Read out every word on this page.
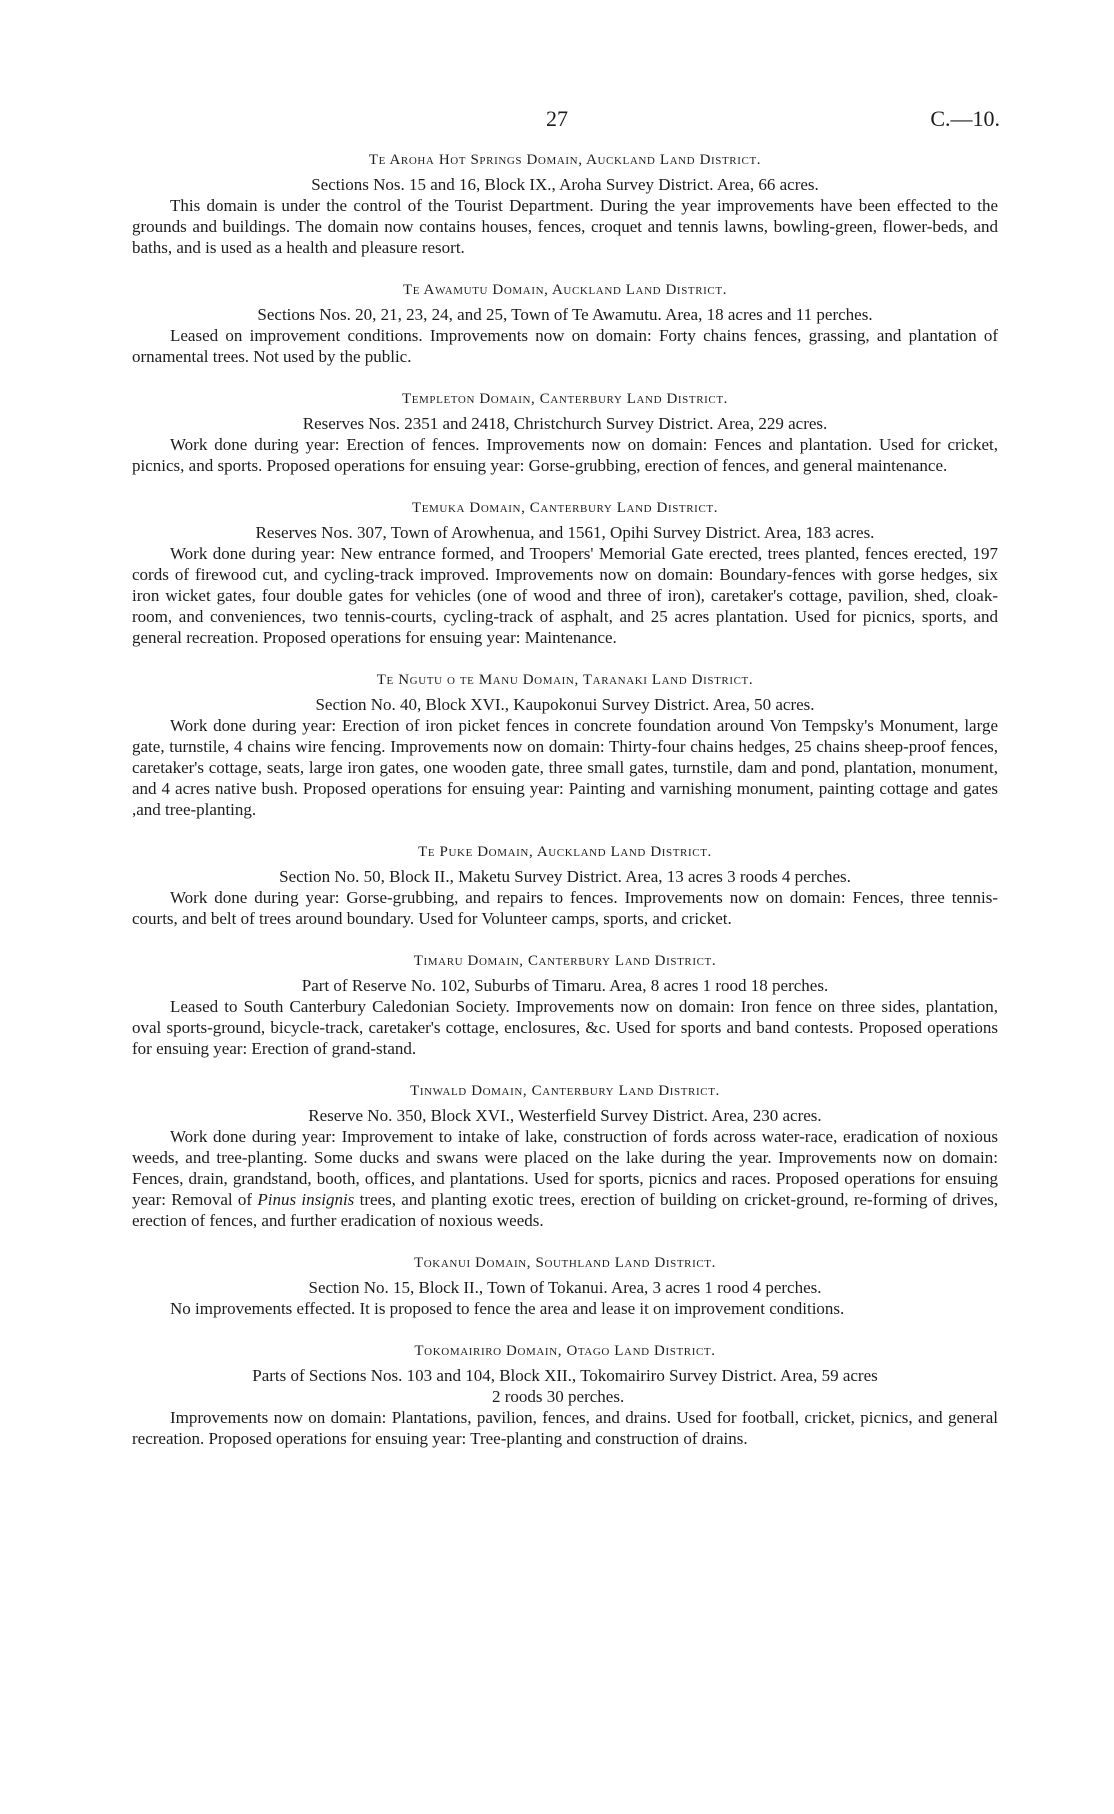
27	C.—10.
Te Aroha Hot Springs Domain, Auckland Land District.

Sections Nos. 15 and 16, Block IX., Aroha Survey District. Area, 66 acres.

This domain is under the control of the Tourist Department. During the year improvements have been effected to the grounds and buildings. The domain now contains houses, fences, croquet and tennis lawns, bowling-green, flower-beds, and baths, and is used as a health and pleasure resort.

Te Awamutu Domain, Auckland Land District.

Sections Nos. 20, 21, 23, 24, and 25, Town of Te Awamutu. Area, 18 acres and 11 perches.

Leased on improvement conditions. Improvements now on domain: Forty chains fences, grassing, and plantation of ornamental trees. Not used by the public.

Templeton Domain, Canterbury Land District.

Reserves Nos. 2351 and 2418, Christchurch Survey District. Area, 229 acres.

Work done during year: Erection of fences. Improvements now on domain: Fences and plantation. Used for cricket, picnics, and sports. Proposed operations for ensuing year: Gorse-grubbing, erection of fences, and general maintenance.

Temuka Domain, Canterbury Land District.

Reserves Nos. 307, Town of Arowhenua, and 1561, Opihi Survey District. Area, 183 acres.

Work done during year: New entrance formed, and Troopers' Memorial Gate erected, trees planted, fences erected, 197 cords of firewood cut, and cycling-track improved. Improvements now on domain: Boundary-fences with gorse hedges, six iron wicket gates, four double gates for vehicles (one of wood and three of iron), caretaker's cottage, pavilion, shed, cloak-room, and conveniences, two tennis-courts, cycling-track of asphalt, and 25 acres plantation. Used for picnics, sports, and general recreation. Proposed operations for ensuing year: Maintenance.

Te Ngutu o te Manu Domain, Taranaki Land District.

Section No. 40, Block XVI., Kaupokonui Survey District. Area, 50 acres.

Work done during year: Erection of iron picket fences in concrete foundation around Von Tempsky's Monument, large gate, turnstile, 4 chains wire fencing. Improvements now on domain: Thirty-four chains hedges, 25 chains sheep-proof fences, caretaker's cottage, seats, large iron gates, one wooden gate, three small gates, turnstile, dam and pond, plantation, monument, and 4 acres native bush. Proposed operations for ensuing year: Painting and varnishing monument, painting cottage and gates ,and tree-planting.

Te Puke Domain, Auckland Land District.

Section No. 50, Block II., Maketu Survey District. Area, 13 acres 3 roods 4 perches.

Work done during year: Gorse-grubbing, and repairs to fences. Improvements now on domain: Fences, three tennis-courts, and belt of trees around boundary. Used for Volunteer camps, sports, and cricket.

Timaru Domain, Canterbury Land District.

Part of Reserve No. 102, Suburbs of Timaru. Area, 8 acres 1 rood 18 perches.

Leased to South Canterbury Caledonian Society. Improvements now on domain: Iron fence on three sides, plantation, oval sports-ground, bicycle-track, caretaker's cottage, enclosures, &c. Used for sports and band contests. Proposed operations for ensuing year: Erection of grand-stand.

Tinwald Domain, Canterbury Land District.

Reserve No. 350, Block XVI., Westerfield Survey District. Area, 230 acres.

Work done during year: Improvement to intake of lake, construction of fords across water-race, eradication of noxious weeds, and tree-planting. Some ducks and swans were placed on the lake during the year. Improvements now on domain: Fences, drain, grandstand, booth, offices, and plantations. Used for sports, picnics and races. Proposed operations for ensuing year: Removal of Pinus insignis trees, and planting exotic trees, erection of building on cricket-ground, re-forming of drives, erection of fences, and further eradication of noxious weeds.

Tokanui Domain, Southland Land District.

Section No. 15, Block II., Town of Tokanui. Area, 3 acres 1 rood 4 perches.

No improvements effected. It is proposed to fence the area and lease it on improvement conditions.

Tokomairiro Domain, Otago Land District.

Parts of Sections Nos. 103 and 104, Block XII., Tokomairiro Survey District. Area, 59 acres

2 roods 30 perches.

Improvements now on domain: Plantations, pavilion, fences, and drains. Used for football, cricket, picnics, and general recreation. Proposed operations for ensuing year: Tree-planting and construction of drains.
